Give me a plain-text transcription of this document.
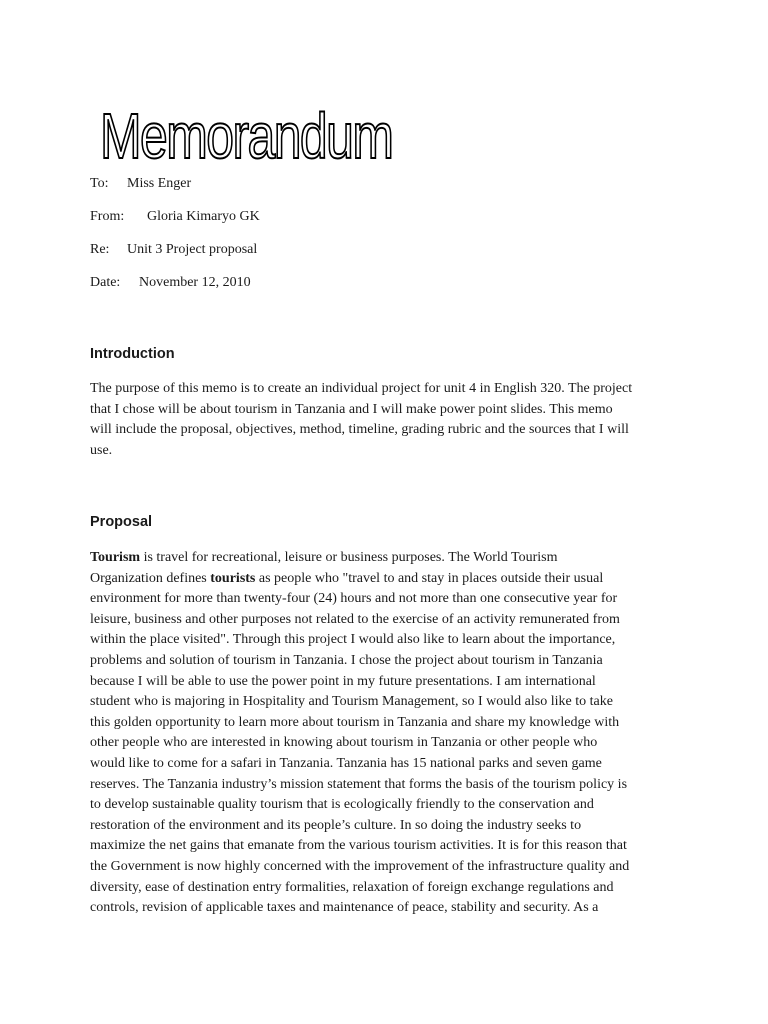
Memorandum
To: Miss Enger
From: Gloria Kimaryo GK
Re: Unit 3 Project proposal
Date: November 12, 2010
Introduction

The purpose of this memo is to create an individual project for unit 4 in English 320. The project
that I chose will be about tourism in Tanzania and I will make power point slides. This memo
will include the proposal, objectives, method, timeline, grading rubric and the sources that I will
use.

Proposal

Tourism is travel for recreational, leisure or business purposes. The World Tourism
Organization defines tourists as people who "travel to and stay in places outside their usual
environment for more than twenty-four (24) hours and not more than one consecutive year for
leisure, business and other purposes not related to the exercise of an activity remunerated from
within the place visited". Through this project I would also like to learn about the importance,
problems and solution of tourism in Tanzania. I chose the project about tourism in Tanzania
because I will be able to use the power point in my future presentations. I am international
student who is majoring in Hospitality and Tourism Management, so I would also like to take
this golden opportunity to learn more about tourism in Tanzania and share my knowledge with
other people who are interested in knowing about tourism in Tanzania or other people who
would like to come for a safari in Tanzania. Tanzania has 15 national parks and seven game
reserves. The Tanzania industry’s mission statement that forms the basis of the tourism policy is
to develop sustainable quality tourism that is ecologically friendly to the conservation and
restoration of the environment and its people’s culture. In so doing the industry seeks to
maximize the net gains that emanate from the various tourism activities. It is for this reason that
the Government is now highly concerned with the improvement of the infrastructure quality and
diversity, ease of destination entry formalities, relaxation of foreign exchange regulations and
controls, revision of applicable taxes and maintenance of peace, stability and security. As a
